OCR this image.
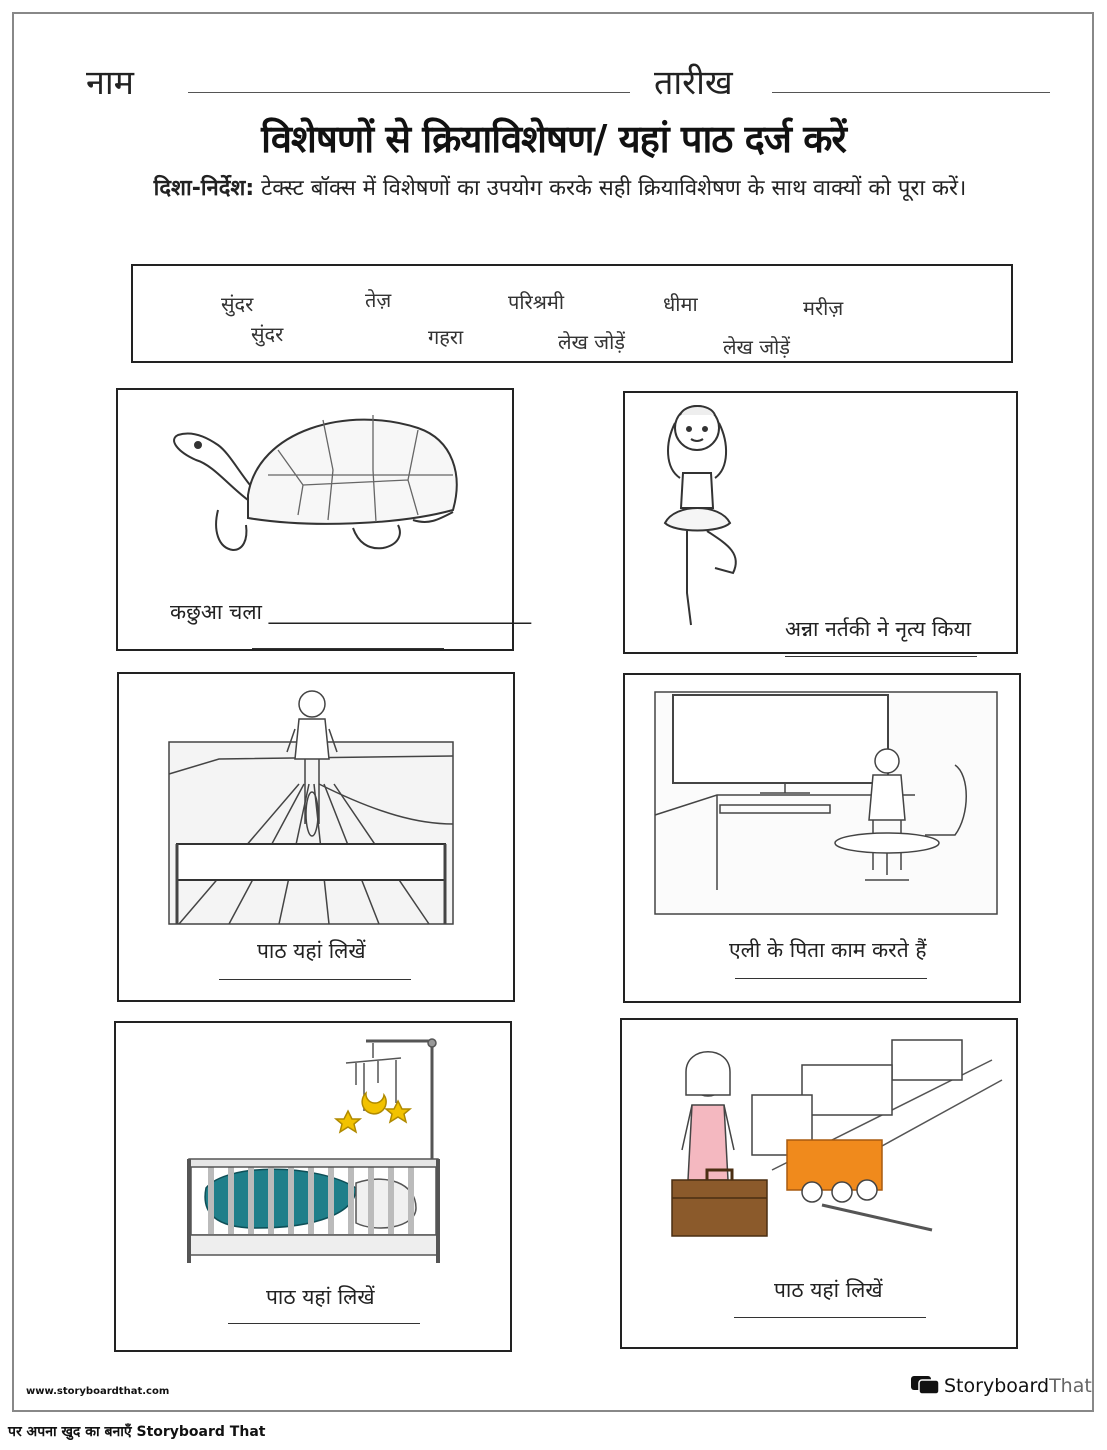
नाम	तारीख
विशेषणों से क्रियाविशेषण/ यहां पाठ दर्ज करें
दिशा-निर्देश: टेक्स्ट बॉक्स में विशेषणों का उपयोग करके सही क्रियाविशेषण के साथ वाक्यों को पूरा करें।
सुंदर	तेज़	परिश्रमी	धीमा	मरीज़
सुंदर	गहरा	लेख जोड़ें	लेख जोड़ें
कछुआ चला _________________________
अन्ना नर्तकी ने नृत्य किया
पाठ यहां लिखें	एली के पिता काम करते हैं
पाठ यहां लिखें	पाठ यहां लिखें
www.storyboardthat.com	StoryboardThat
पर अपना खुद का बनाएँ Storyboard That
